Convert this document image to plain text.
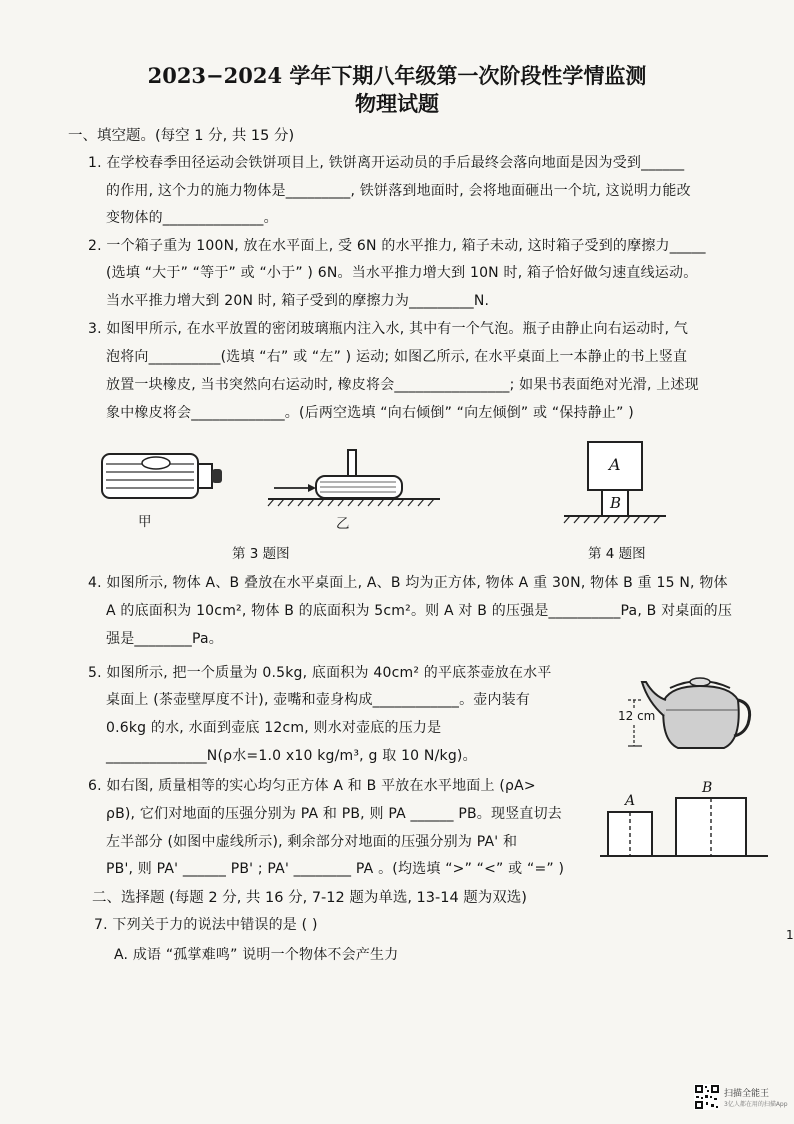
2023−2024 学年下期八年级第一次阶段性学情监测
物理试题
一、填空题。(每空 1 分, 共 15 分)
1. 在学校春季田径运动会铁饼项目上, 铁饼离开运动员的手后最终会落向地面是因为受到______
的作用, 这个力的施力物体是_________, 铁饼落到地面时, 会将地面砸出一个坑, 这说明力能改
变物体的______________。
2. 一个箱子重为 100N, 放在水平面上, 受 6N 的水平推力, 箱子未动, 这时箱子受到的摩擦力_____
(选填 “大于” “等于” 或 “小于” ) 6N。当水平推力增大到 10N 时, 箱子恰好做匀速直线运动。
当水平推力增大到 20N 时, 箱子受到的摩擦力为_________N.
3. 如图甲所示, 在水平放置的密闭玻璃瓶内注入水, 其中有一个气泡。瓶子由静止向右运动时, 气
泡将向__________(选填 “右” 或 “左” ) 运动; 如图乙所示, 在水平桌面上一本静止的书上竖直
放置一块橡皮, 当书突然向右运动时, 橡皮将会________________; 如果书表面绝对光滑, 上述现
象中橡皮将会_____________。(后两空选填 “向右倾倒” “向左倾倒” 或 “保持静止” )
甲	乙
第 3 题图
A
B
第 4 题图
4. 如图所示, 物体 A、B 叠放在水平桌面上, A、B 均为正方体, 物体 A 重 30N, 物体 B 重 15 N, 物体
A 的底面积为 10cm², 物体 B 的底面积为 5cm²。则 A 对 B 的压强是__________Pa, B 对桌面的压
强是________Pa。
5. 如图所示, 把一个质量为 0.5kg, 底面积为 40cm² 的平底茶壶放在水平
桌面上 (茶壶壁厚度不计), 壶嘴和壶身构成____________。壶内装有
0.6kg 的水, 水面到壶底 12cm, 则水对壶底的压力是
______________N(ρ水=1.0 x10 kg/m³, g 取 10 N/kg)。
12 cm
6. 如右图, 质量相等的实心均匀正方体 A 和 B 平放在水平地面上 (ρA>
ρB), 它们对地面的压强分别为 PA 和 PB, 则 PA ______ PB。现竖直切去
左半部分 (如图中虚线所示), 剩余部分对地面的压强分别为 PA' 和
PB', 则 PA' ______ PB' ; PA' ________ PA 。(均选填 “>” “<” 或 “=” )
A
B
二、选择题 (每题 2 分, 共 16 分, 7-12 题为单选, 13-14 题为双选)
7. 下列关于力的说法中错误的是 ( )
A. 成语 “孤掌难鸣” 说明一个物体不会产生力
1
扫描全能王
3亿人都在用的扫描App
